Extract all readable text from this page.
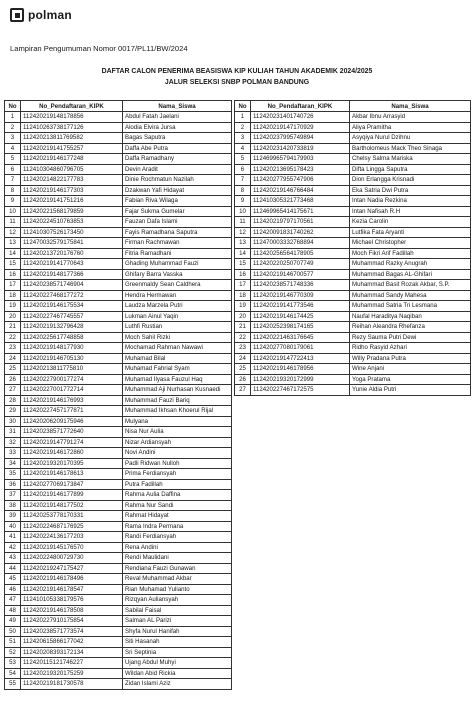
polman
Lampiran Pengumuman Nomor 0017/PL11/BW/2024
DAFTAR CALON PENERIMA BEASISWA KIP KULIAH TAHUN AKADEMIK 2024/2025
JALUR SELEKSI SNBP POLMAN BANDUNG
No	No_Pendaftaran_KIPK	Nama_Siswa
1	112420219148178856	Abdul Fatah Jaelani
2	112410263738177126	Alodia Elvira Jursa
3	112420213811769582	Bagas Saputra
4	112420219141755257	Daffa Abe Putra
5	112420219146177248	Daffa Ramadhany
6	112410304860796705	Devin Aradit
7	112420214822177783	Dinie Rochmatun Nazilah
8	112420219146177303	Dzakwan Yafi Hidayat
9	112420219141751216	Fabian Riva Wilaga
10	112420221568179859	Fajar Sukma Gumelar
11	112420224510763853	Fauzan Dafa Islami
12	112410307526173450	Fayis Ramadhana Saputra
13	112470032579175841	Firman Rachmawan
14	112420213720176760	Fitria Ramadhani
15	112420219141770643	Ghading Muhammad Fauzi
16	112420219148177366	Ghifary Barra Vasska
17	112420238571746904	Greenmaldy Sean Caldhera
18	112420227468177272	Hendra Hermawan
19	112420219146175534	Laudza Marzela Putri
20	112420227467745557	Lukman Ainul Yaqin
21	112420219132796428	Luthfi Rustian
22	112420225617748858	Moch Sahil Rizki
23	112420219148177930	Mochamad Rahman Nawawi
24	112420219146705130	Muhamad Bilal
25	112420213811775810	Muhamad Fahrial Syam
26	112420227900177274	Muhamad Ilyasa Fauzul Haq
27	112420227001772714	Muhammad Aji Nurhasan Kusnaedi
28	112420219146176993	Muhammad Fauzi Bariq
29	112420227457177871	Muhammad Ikhsan Khoerul Rijal
30	112420206209175946	Mulyana
31	112420238571772640	Nisa Nur Aulia
32	112420219147791274	Nizar Ardiansyah
33	112420219146172860	Novi Andini
34	112420219320170395	Padli Ridwan Nulloh
35	112420219146178613	Prima Ferdiansyah
36	112420277069173847	Putra Fadillah
37	112420219146177899	Rahma Aulia Daffina
38	112420219148177502	Rahma Nur Sandi
39	112420253778170331	Rahmat Hidayat
40	112420224687176925	Rama Indra Permana
41	112420224136177203	Randi Ferdiansyah
42	112420219145176570	Rena Andini
43	112420224800729730	Rendi Maulidani
44	112420219247175427	Rendiana Fauzi Gunawan
45	112420219146178496	Reval Muhammad Akbar
46	112420219146178547	Rian Muhamad Yulianto
47	112410105338179576	Rizqyan Auliansyah
48	112420219146178508	Sabilal Faisal
49	112420227910175854	Salman AL Parizi
50	112420238571773574	Shyfa Nurul Hanifah
51	112420615866177042	Siti Hasanah
52	112420208393172134	Sri Septinia
53	112420115121746227	Ujang Abdul Muhyi
54	112420219320175259	Wildan Abid Rickia
55	112420219181730578	Zidan Islami Aziz
No	No_Pendaftaran_KIPK	Nama_Siswa
1	112420231401740726	Akbar Ibnu Arrasyid
2	112420219147170929	Aliya Pramitha
3	112420237995749894	Asyqiya Nurul Dzihnu
4	112420231420733819	Bartholomeus Mack Theo Sinaga
5	112469965794179903	Chelsy Salma Mariska
6	112420213695178423	Difta Lingga Saputra
7	112420277955747906	Dion Erlangga Krisnadi
8	112420219146766484	Eka Satria Dwi Putra
9	112410305321773468	Intan Nadia Rezkina
10	112469965414175671	Intan Nafisah R.H
11	112420219797170561	Kezia Carolin
12	112420091831740262	Lutfika Fata Aryanti
13	112470003332768894	Michael Christopher
14	112420256564178905	Moch Fikri Arif Fadillah
15	112420220250707749	Muhammad Razky Anugrah
16	112420219146700577	Muhammad Bagas AL-Ghifari
17	112420238571748336	Muhammad Basit Rozak Akbar, S.P.
18	112420219146770309	Muhammad Sandy Mahesa
19	112420219141773546	Muhammad Satria Tri Lesmana
20	112420219146174425	Naufal Haraditya Naqiban
21	112420252398174165	Reihan Aleandra Rhefanza
22	112420221463176645	Rezy Sauma Putri Dewi
23	112420277080179061	Ridho Rasyid Azhari
24	112420219147722413	Willy Pradana Putra
25	112420219146178956	Wine Anjani
26	112420219320172999	Yoga Pratama
27	112420227467172575	Yunie Aldia Putri
